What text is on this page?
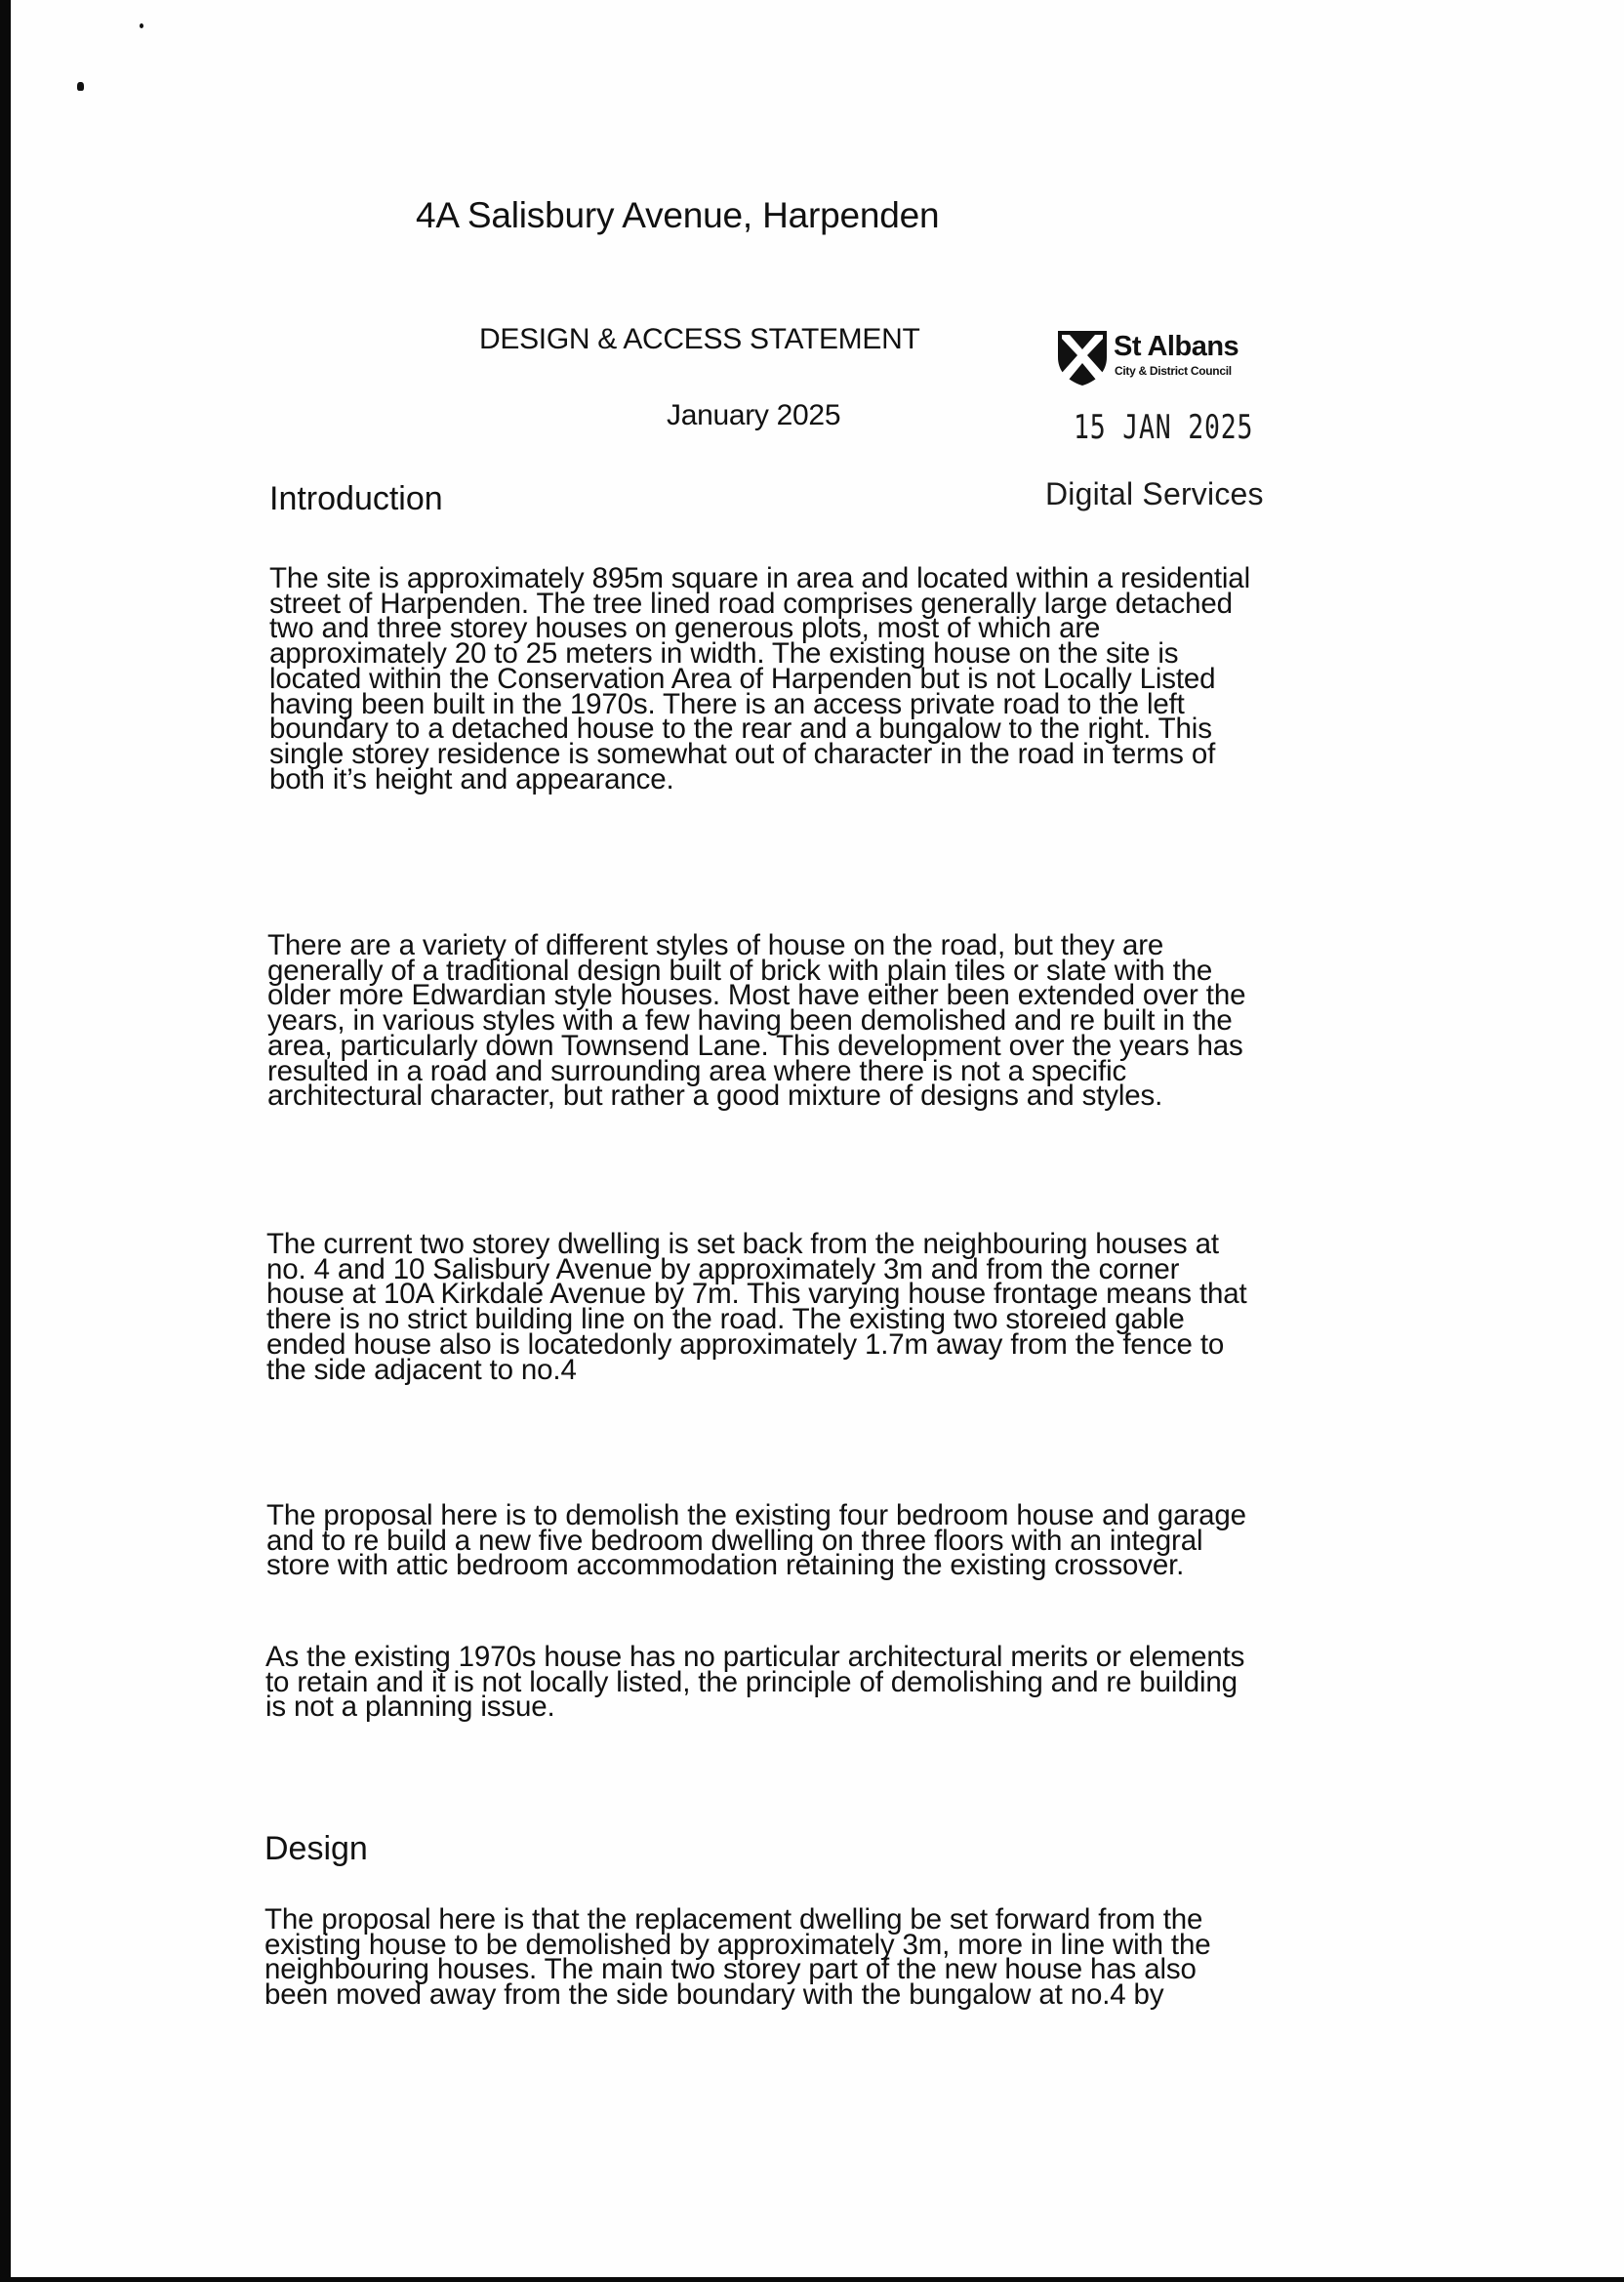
4A Salisbury Avenue, Harpenden
DESIGN & ACCESS STATEMENT
January 2025
St Albans
City & District Council
15 JAN 2025
Digital Services
Introduction
The site is approximately 895m square in area and located within a residential
street of Harpenden. The tree lined road comprises generally large detached
two and three storey houses on generous plots, most of which are
approximately 20 to 25 meters in width. The existing house on the site is
located within the Conservation Area of Harpenden but is not Locally Listed
having been built in the 1970s. There is an access private road to the left
boundary to a detached house to the rear and a bungalow to the right. This
single storey residence is somewhat out of character in the road in terms of
both it’s height and appearance.
There are a variety of different styles of house on the road, but they are
generally of a traditional design built of brick with plain tiles or slate with the
older more Edwardian style houses. Most have either been extended over the
years, in various styles with a few having been demolished and re built in the
area, particularly down Townsend Lane. This development over the years has
resulted in a road and surrounding area where there is not a specific
architectural character, but rather a good mixture of designs and styles.
The current two storey dwelling is set back from the neighbouring houses at
no. 4 and 10 Salisbury Avenue by approximately 3m and from the corner
house at 10A Kirkdale Avenue by 7m. This varying house frontage means that
there is no strict building line on the road. The existing two storeied gable
ended house also is locatedonly approximately 1.7m away from the fence to
the side adjacent to no.4
The proposal here is to demolish the existing four bedroom house and garage
and to re build a new five bedroom dwelling on three floors with an integral
store with attic bedroom accommodation retaining the existing crossover.
As the existing 1970s house has no particular architectural merits or elements
to retain and it is not locally listed, the principle of demolishing and re building
is not a planning issue.
Design
The proposal here is that the replacement dwelling be set forward from the
existing house to be demolished by approximately 3m, more in line with the
neighbouring houses. The main two storey part of the new house has also
been moved away from the side boundary with the bungalow at no.4 by
